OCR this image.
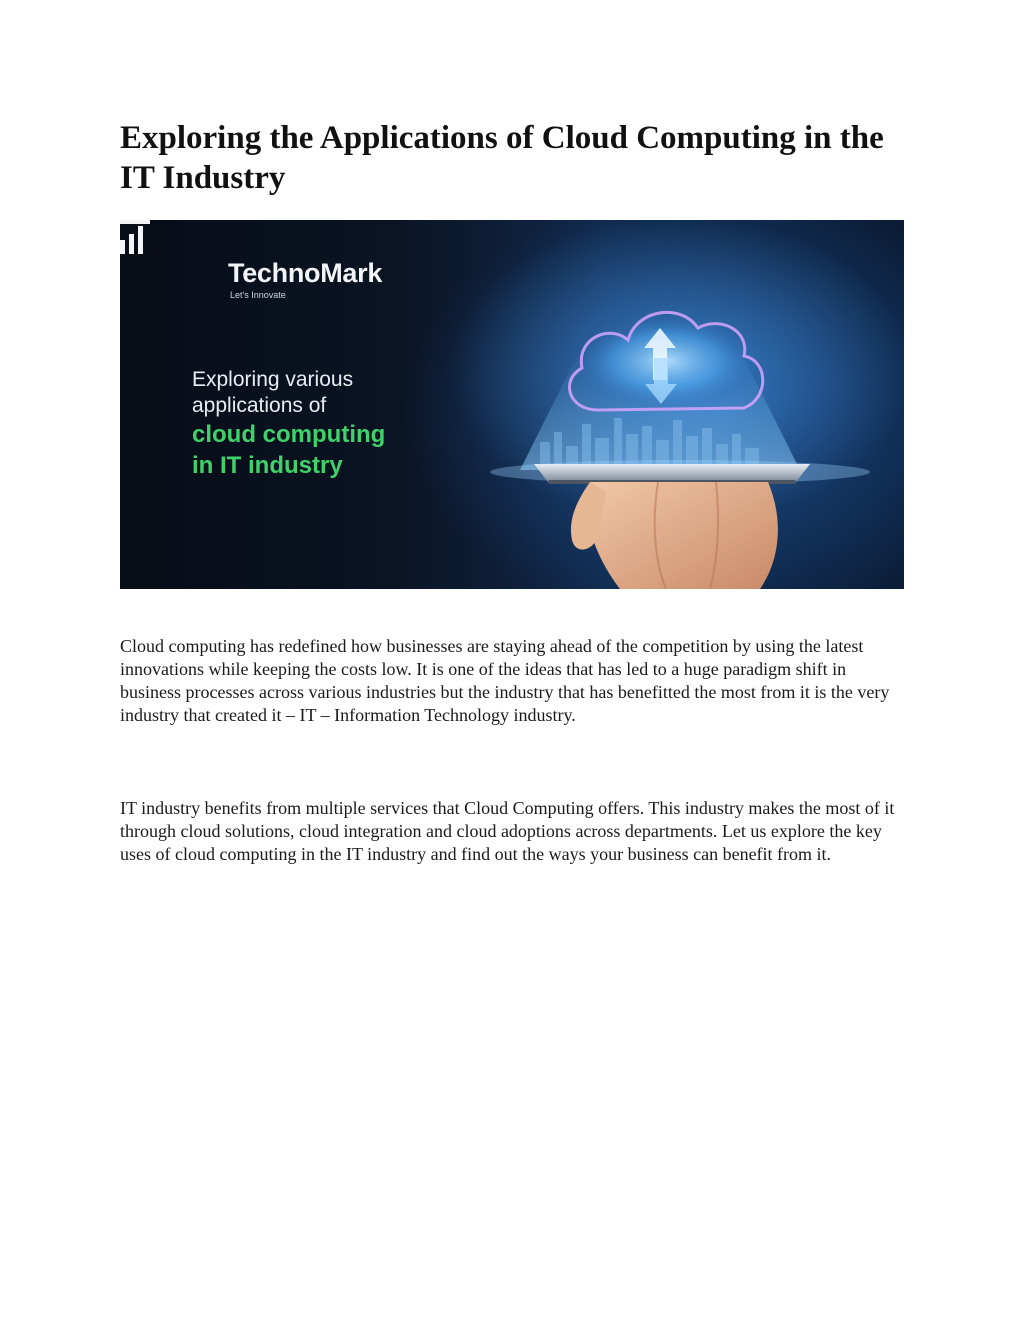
Exploring the Applications of Cloud Computing in the IT Industry
TechnoMark
Let's Innovate
Exploring various
applications of
cloud computing
in IT industry

Cloud computing has redefined how businesses are staying ahead of the competition by using the latest innovations while keeping the costs low. It is one of the ideas that has led to a huge paradigm shift in business processes across various industries but the industry that has benefitted the most from it is the very industry that created it – IT – Information Technology industry.

IT industry benefits from multiple services that Cloud Computing offers. This industry makes the most of it through cloud solutions, cloud integration and cloud adoptions across departments. Let us explore the key uses of cloud computing in the IT industry and find out the ways your business can benefit from it.
